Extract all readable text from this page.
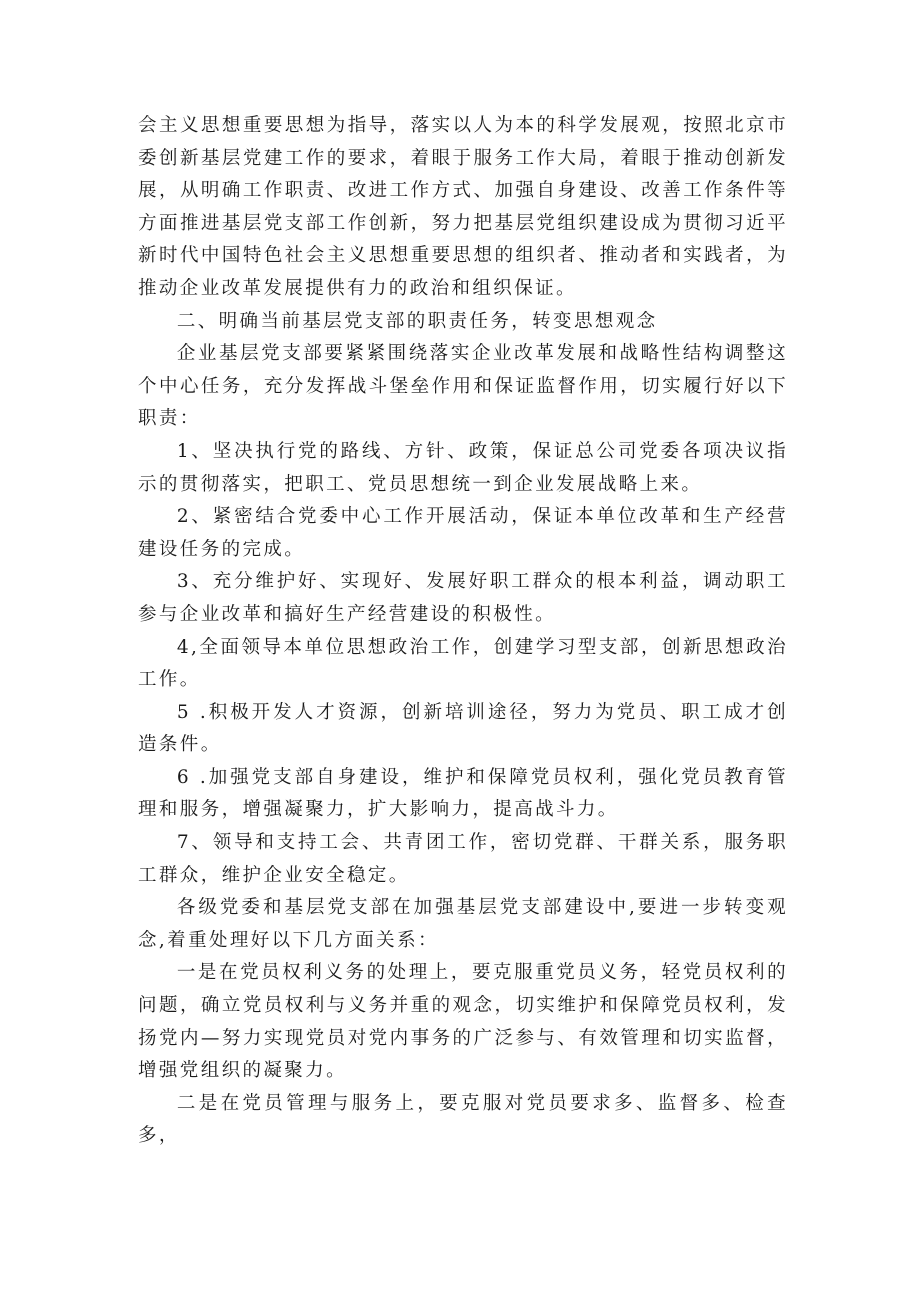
会主义思想重要思想为指导，落实以人为本的科学发展观，按照北京市委创新基层党建工作的要求，着眼于服务工作大局，着眼于推动创新发展，从明确工作职责、改进工作方式、加强自身建设、改善工作条件等方面推进基层党支部工作创新，努力把基层党组织建设成为贯彻习近平新时代中国特色社会主义思想重要思想的组织者、推动者和实践者，为推动企业改革发展提供有力的政治和组织保证。

二、明确当前基层党支部的职责任务，转变思想观念

企业基层党支部要紧紧围绕落实企业改革发展和战略性结构调整这个中心任务，充分发挥战斗堡垒作用和保证监督作用，切实履行好以下职责：

1、坚决执行党的路线、方针、政策，保证总公司党委各项决议指示的贯彻落实，把职工、党员思想统一到企业发展战略上来。

2、紧密结合党委中心工作开展活动，保证本单位改革和生产经营建设任务的完成。

3、充分维护好、实现好、发展好职工群众的根本利益，调动职工参与企业改革和搞好生产经营建设的积极性。

4,全面领导本单位思想政治工作，创建学习型支部，创新思想政治工作。

5 .积极开发人才资源，创新培训途径，努力为党员、职工成才创造条件。

6 .加强党支部自身建设，维护和保障党员权利，强化党员教育管理和服务，增强凝聚力，扩大影响力，提高战斗力。

7、领导和支持工会、共青团工作，密切党群、干群关系，服务职工群众，维护企业安全稳定。

各级党委和基层党支部在加强基层党支部建设中,要进一步转变观念,着重处理好以下几方面关系：

一是在党员权利义务的处理上，要克服重党员义务，轻党员权利的问题，确立党员权利与义务并重的观念，切实维护和保障党员权利，发扬党内—努力实现党员对党内事务的广泛参与、有效管理和切实监督，增强党组织的凝聚力。

二是在党员管理与服务上，要克服对党员要求多、监督多、检查多，
